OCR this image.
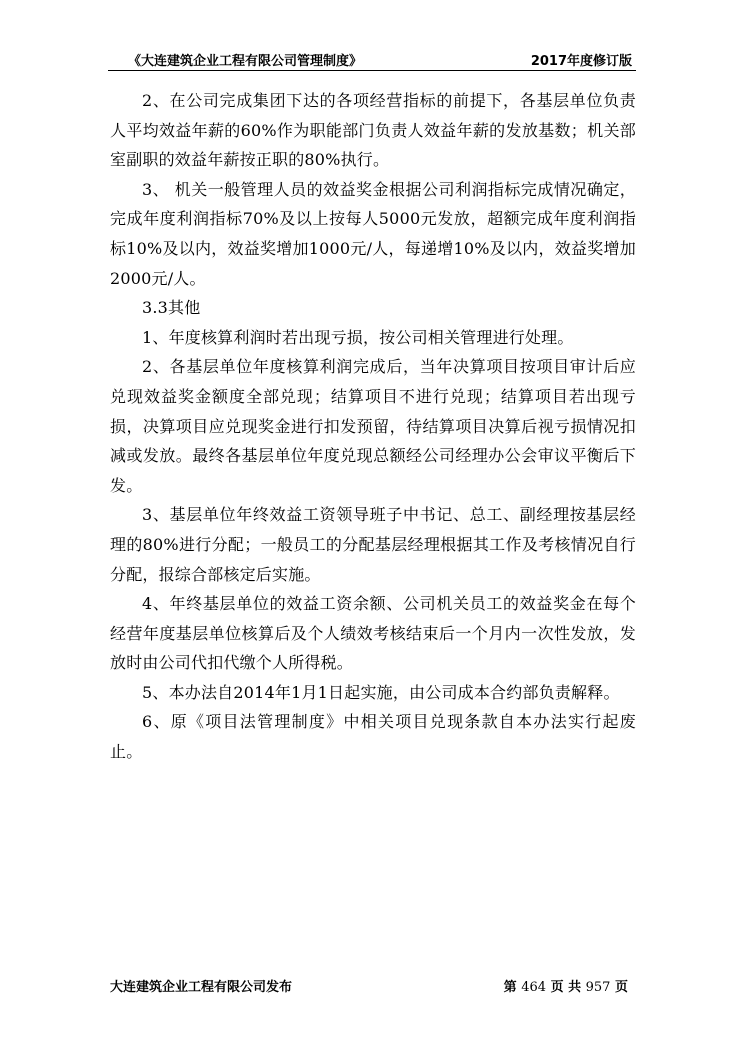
《大连建筑企业工程有限公司管理制度》	2017年度修订版

2、在公司完成集团下达的各项经营指标的前提下，各基层单位负责人平均效益年薪的60%作为职能部门负责人效益年薪的发放基数；机关部室副职的效益年薪按正职的80%执行。

3、 机关一般管理人员的效益奖金根据公司利润指标完成情况确定，完成年度利润指标70%及以上按每人5000元发放，超额完成年度利润指标10%及以内，效益奖增加1000元/人，每递增10%及以内，效益奖增加2000元/人。

3.3其他

1、年度核算利润时若出现亏损，按公司相关管理进行处理。

2、各基层单位年度核算利润完成后，当年决算项目按项目审计后应兑现效益奖金额度全部兑现；结算项目不进行兑现；结算项目若出现亏损，决算项目应兑现奖金进行扣发预留，待结算项目决算后视亏损情况扣减或发放。最终各基层单位年度兑现总额经公司经理办公会审议平衡后下发。

3、基层单位年终效益工资领导班子中书记、总工、副经理按基层经理的80%进行分配；一般员工的分配基层经理根据其工作及考核情况自行分配，报综合部核定后实施。

4、年终基层单位的效益工资余额、公司机关员工的效益奖金在每个经营年度基层单位核算后及个人绩效考核结束后一个月内一次性发放，发放时由公司代扣代缴个人所得税。

5、本办法自2014年1月1日起实施，由公司成本合约部负责解释。

6、原《项目法管理制度》中相关项目兑现条款自本办法实行起废止。

大连建筑企业工程有限公司发布	第 464 页 共 957 页
